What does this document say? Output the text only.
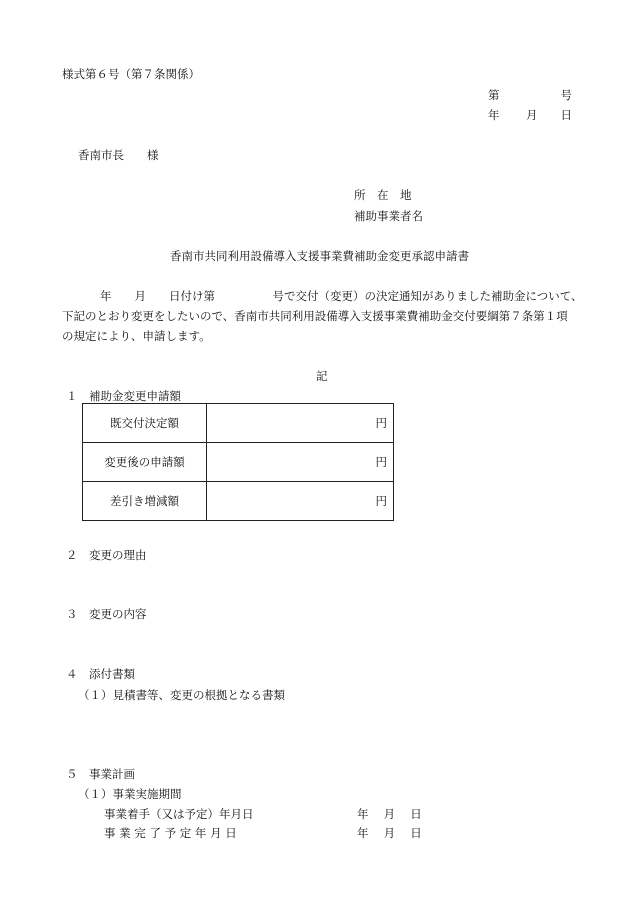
様式第６号（第７条関係）
第	号
年 月 日
香南市長　　様
所　在　地
補助事業者名
香南市共同利用設備導入支援事業費補助金変更承認申請書
年　　月　　日付け第　　　　　号で交付（変更）の決定通知がありました補助金について、
下記のとおり変更をしたいので、香南市共同利用設備導入支援事業費補助金交付要綱第７条第１項
の規定により、申請します。
記
１　補助金変更申請額
既交付決定額	円
変更後の申請額	円
差引き増減額	円
２　変更の理由
３　変更の内容
４　添付書類
（１）見積書等、変更の根拠となる書類
５　事業計画
（１）事業実施期間
事業着手（又は予定）年月日	年　 月　 日
事 業 完 了 予 定 年 月 日	年　 月　 日
